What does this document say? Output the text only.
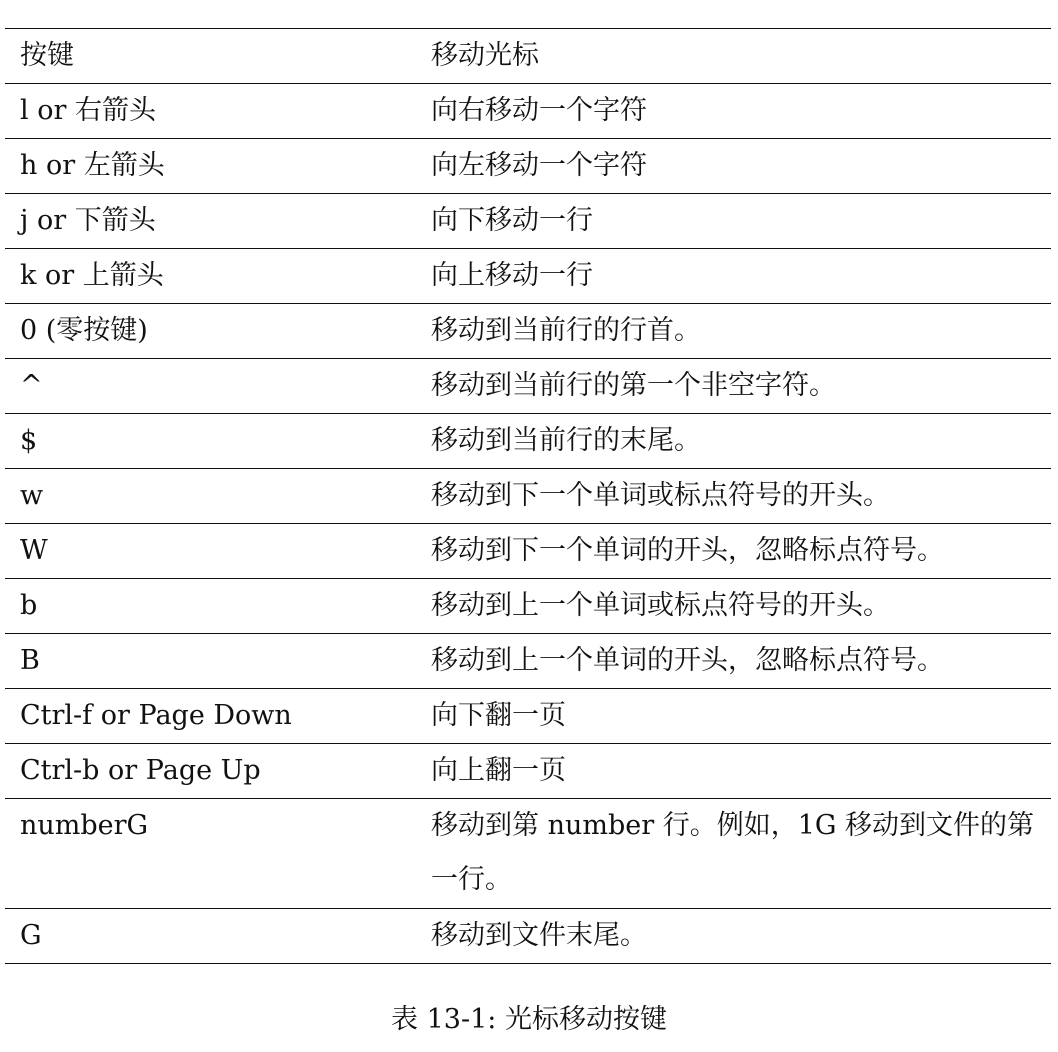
按键	移动光标
l or 右箭头	向右移动一个字符
h or 左箭头	向左移动一个字符
j or 下箭头	向下移动一行
k or 上箭头	向上移动一行
0 (零按键)	移动到当前行的行首。
^	移动到当前行的第一个非空字符。
$	移动到当前行的末尾。
w	移动到下一个单词或标点符号的开头。
W	移动到下一个单词的开头，忽略标点符号。
b	移动到上一个单词或标点符号的开头。
B	移动到上一个单词的开头，忽略标点符号。
Ctrl-f or Page Down	向下翻一页
Ctrl-b or Page Up	向上翻一页
numberG	移动到第 number 行。例如，1G 移动到文件的第一行。
G	移动到文件末尾。
表 13-1: 光标移动按键
